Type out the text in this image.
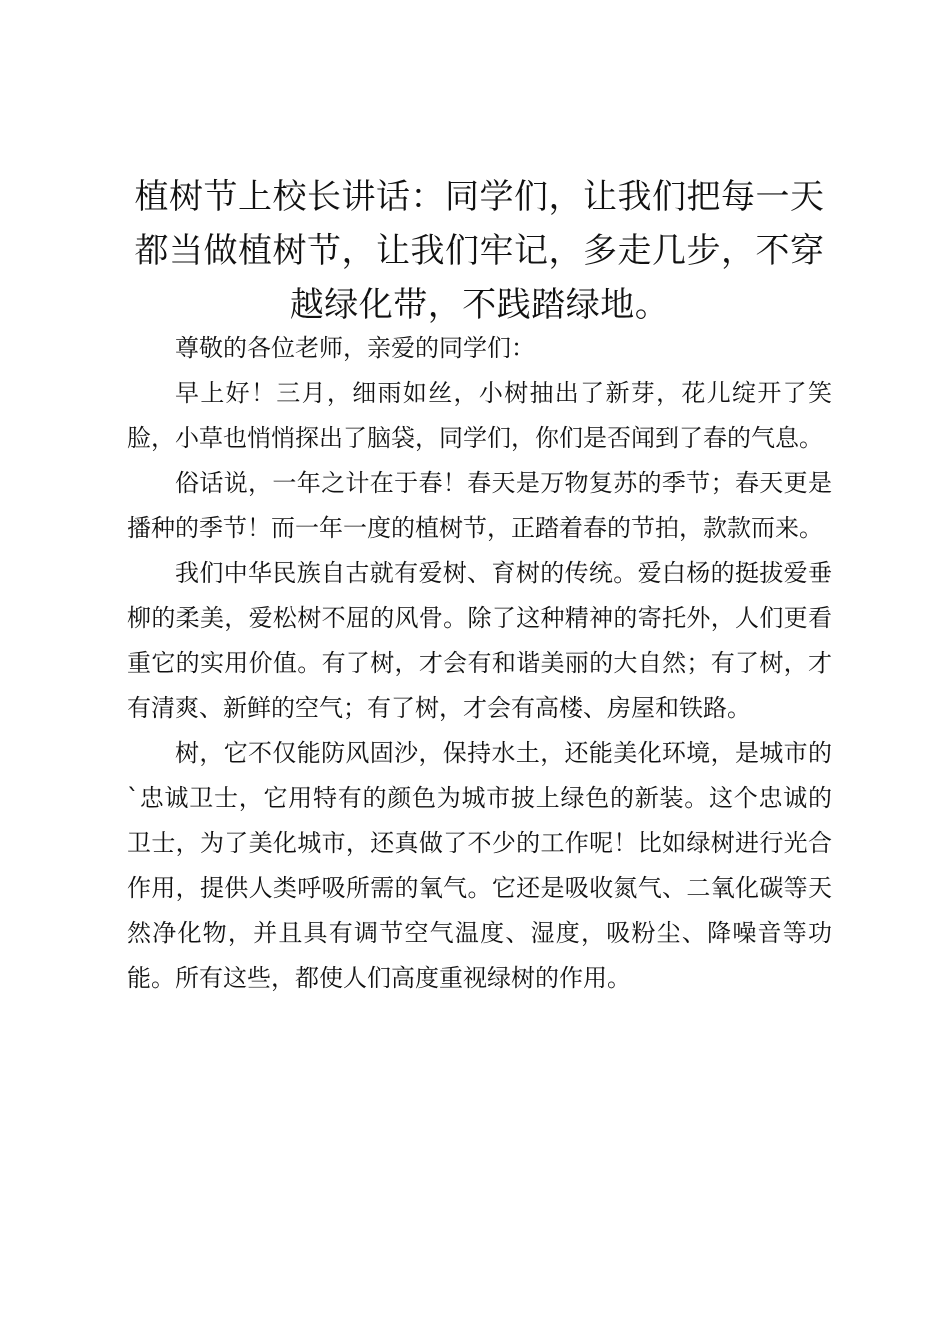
植树节上校长讲话：同学们，让我们把每一天都当做植树节，让我们牢记，多走几步，不穿越绿化带，不践踏绿地。

尊敬的各位老师，亲爱的同学们：

早上好！三月，细雨如丝，小树抽出了新芽，花儿绽开了笑脸，小草也悄悄探出了脑袋，同学们，你们是否闻到了春的气息。

俗话说，一年之计在于春！春天是万物复苏的季节；春天更是播种的季节！而一年一度的植树节，正踏着春的节拍，款款而来。

我们中华民族自古就有爱树、育树的传统。爱白杨的挺拔爱垂柳的柔美，爱松树不屈的风骨。除了这种精神的寄托外，人们更看重它的实用价值。有了树，才会有和谐美丽的大自然；有了树，才有清爽、新鲜的空气；有了树，才会有高楼、房屋和铁路。

树，它不仅能防风固沙，保持水土，还能美化环境，是城市的`忠诚卫士，它用特有的颜色为城市披上绿色的新装。这个忠诚的卫士，为了美化城市，还真做了不少的工作呢！比如绿树进行光合作用，提供人类呼吸所需的氧气。它还是吸收氮气、二氧化碳等天然净化物，并且具有调节空气温度、湿度，吸粉尘、降噪音等功能。所有这些，都使人们高度重视绿树的作用。
